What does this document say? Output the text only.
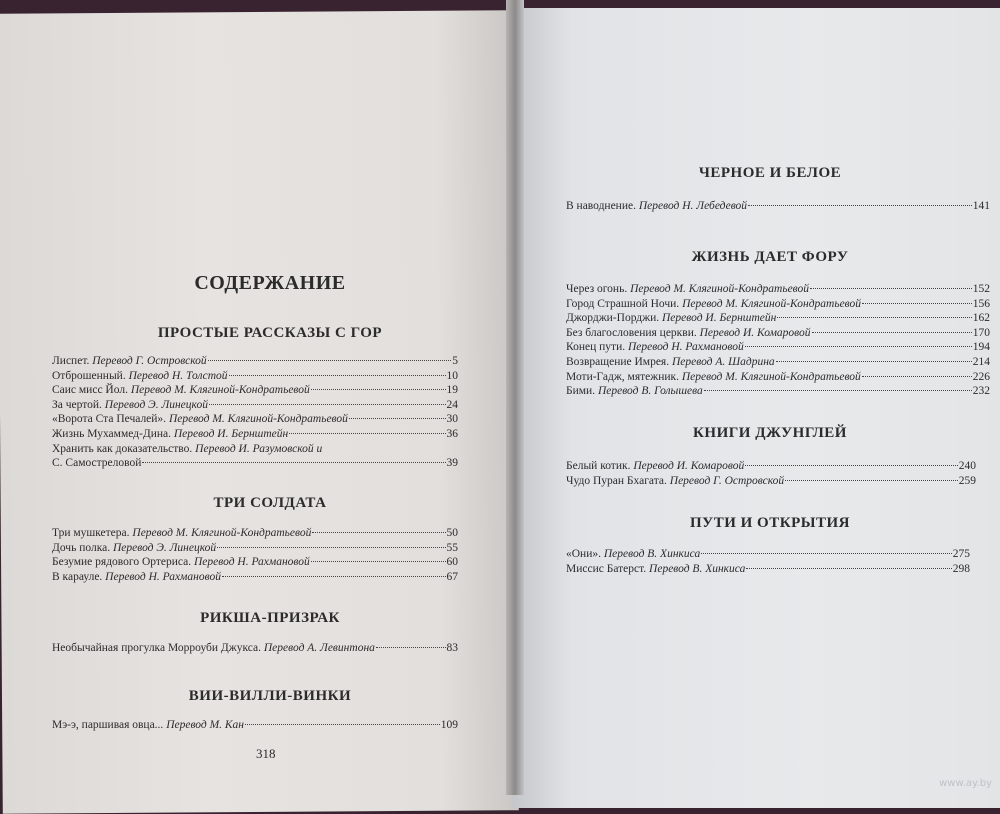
СОДЕРЖАНИЕ
ПРОСТЫЕ РАССКАЗЫ С ГОР
Лиспет. Перевод Г. Островской	5
Отброшенный. Перевод Н. Толстой	10
Саис мисс Йол. Перевод М. Клягиной-Кондратьевой	19
За чертой. Перевод Э. Линецкой	24
«Ворота Ста Печалей». Перевод М. Клягиной-Кондратьевой	30
Жизнь Мухаммед-Дина. Перевод И. Бернштейн	36
Хранить как доказательство. Перевод И. Разумовской и
С. Самостреловой	39
ТРИ СОЛДАТА
Три мушкетера. Перевод М. Клягиной-Кондратьевой	50
Дочь полка. Перевод Э. Линецкой	55
Безумие рядового Ортериса. Перевод Н. Рахмановой	60
В карауле. Перевод Н. Рахмановой	67
РИКША-ПРИЗРАК
Необычайная прогулка Морроуби Джукса. Перевод А. Левинтона	83
ВИИ-ВИЛЛИ-ВИНКИ
Мэ-э, паршивая овца... Перевод М. Кан	109
318
ЧЕРНОЕ И БЕЛОЕ
В наводнение. Перевод Н. Лебедевой	141
ЖИЗНЬ ДАЕТ ФОРУ
Через огонь. Перевод М. Клягиной-Кондратьевой	152
Город Страшной Ночи. Перевод М. Клягиной-Кондратьевой	156
Джорджи-Порджи. Перевод И. Бернштейн	162
Без благословения церкви. Перевод И. Комаровой	170
Конец пути. Перевод Н. Рахмановой	194
Возвращение Имрея. Перевод А. Шадрина	214
Моти-Гадж, мятежник. Перевод М. Клягиной-Кондратьевой	226
Бими. Перевод В. Голышева	232
КНИГИ ДЖУНГЛЕЙ
Белый котик. Перевод И. Комаровой	240
Чудо Пуран Бхагата. Перевод Г. Островской	259
ПУТИ И ОТКРЫТИЯ
«Они». Перевод В. Хинкиса	275
Миссис Батерст. Перевод В. Хинкиса	298
www.ay.by
